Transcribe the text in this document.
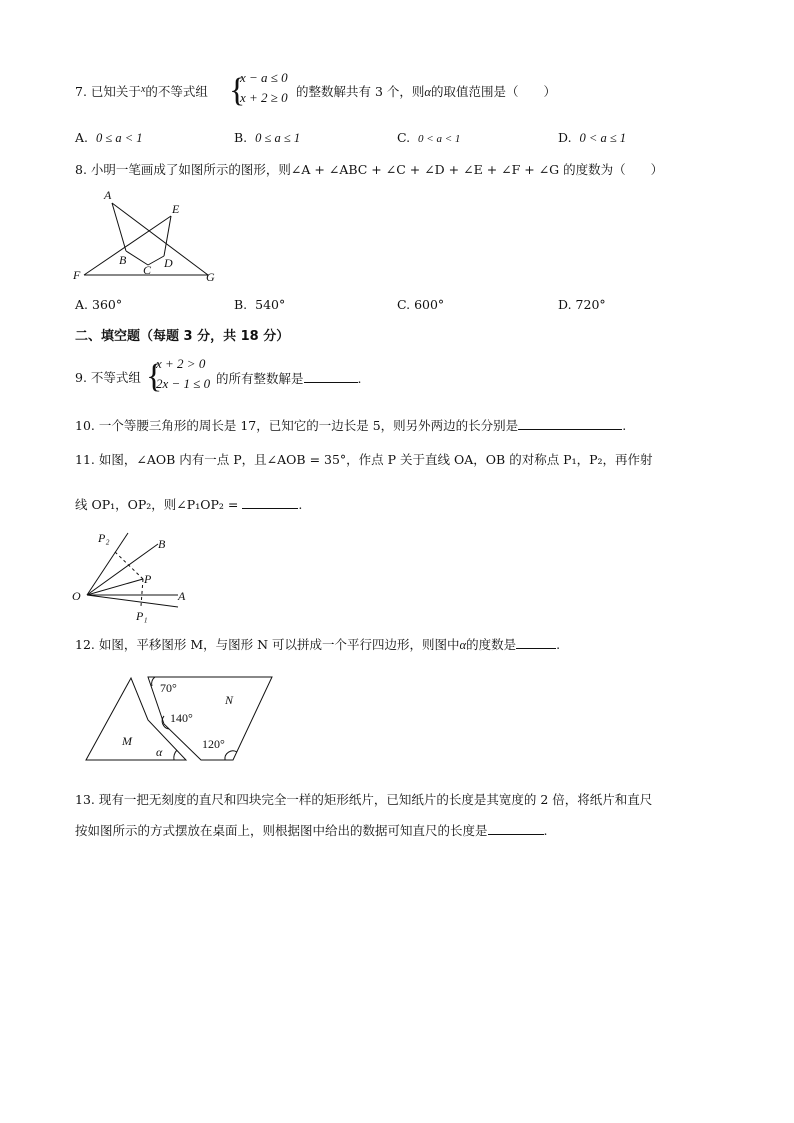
7. 已知关于$^x$的不等式组 {
x − a ≤ 0
x + 2 ≥ 0 的整数解共有 3 个，则α的取值范围是（　　）
A. 0 ≤ a < 1	B. 0 ≤ a ≤ 1	C. 0 < a < 1	D. 0 < a ≤ 1
8. 小明一笔画成了如图所示的图形，则∠A + ∠ABC + ∠C + ∠D + ∠E + ∠F + ∠G 的度数为（　　）
A
E
B
C D
F	G
A. 360°	B. 540°	C. 600°	D. 720°
二、填空题（每题 3 分，共 18 分）
9. 不等式组 {
x + 2 > 0
2x − 1 ≤ 0 的所有整数解是	.
10. 一个等腰三角形的周长是 17，已知它的一边长是 5，则另外两边的长分别是	.
11. 如图，∠AOB 内有一点 P，且∠AOB = 35°，作点 P 关于直线 OA，OB 的对称点 P₁，P₂，再作射
线 OP₁，OP₂，则∠P₁OP₂ =	.
P₂	B
P
O	A
P₁
12. 如图，平移图形 M，与图形 N 可以拼成一个平行四边形，则图中α的度数是	.
70°
140°
120°
M
N
α
13. 现有一把无刻度的直尺和四块完全一样的矩形纸片，已知纸片的长度是其宽度的 2 倍，将纸片和直尺
按如图所示的方式摆放在桌面上，则根据图中给出的数据可知直尺的长度是	.
